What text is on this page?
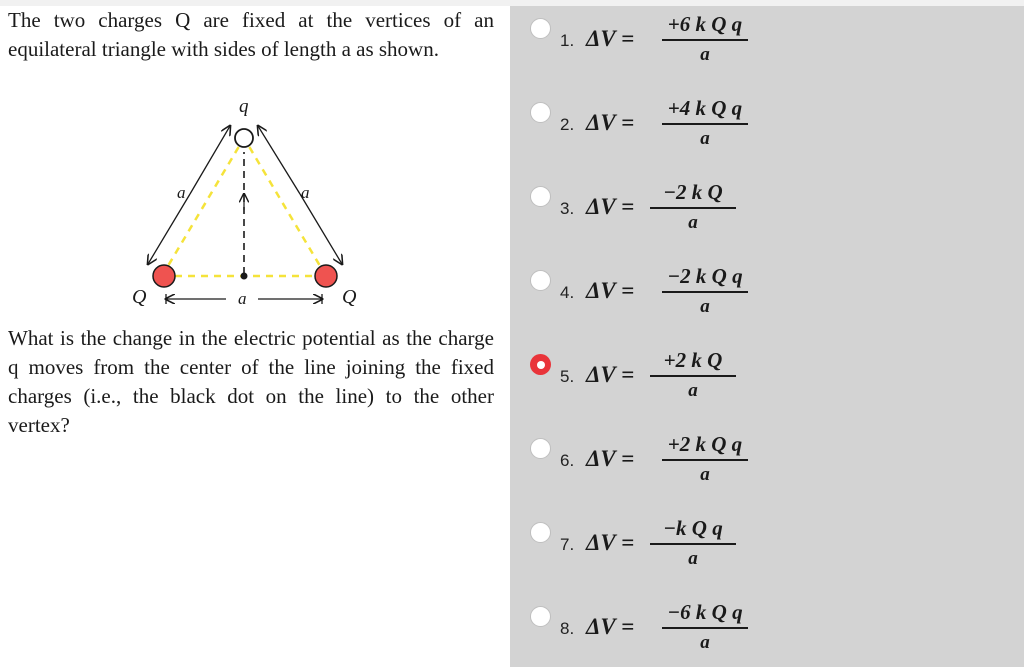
The two charges Q are fixed at the vertices of an equilateral triangle with sides of length a as shown.

q
a	a
Q	Q
a

What is the change in the electric potential as the charge q moves from the center of the line joining the fixed charges (i.e., the black dot on the line) to the other vertex?

1. ΔV =
+6 k Q q
a
2. ΔV =
+4 k Q q
a
3. ΔV =
−2 k Q
a
4. ΔV =
−2 k Q q
a
5. ΔV =
+2 k Q
a
6. ΔV =
+2 k Q q
a
7. ΔV =
−k Q q
a
8. ΔV =
−6 k Q q
a
